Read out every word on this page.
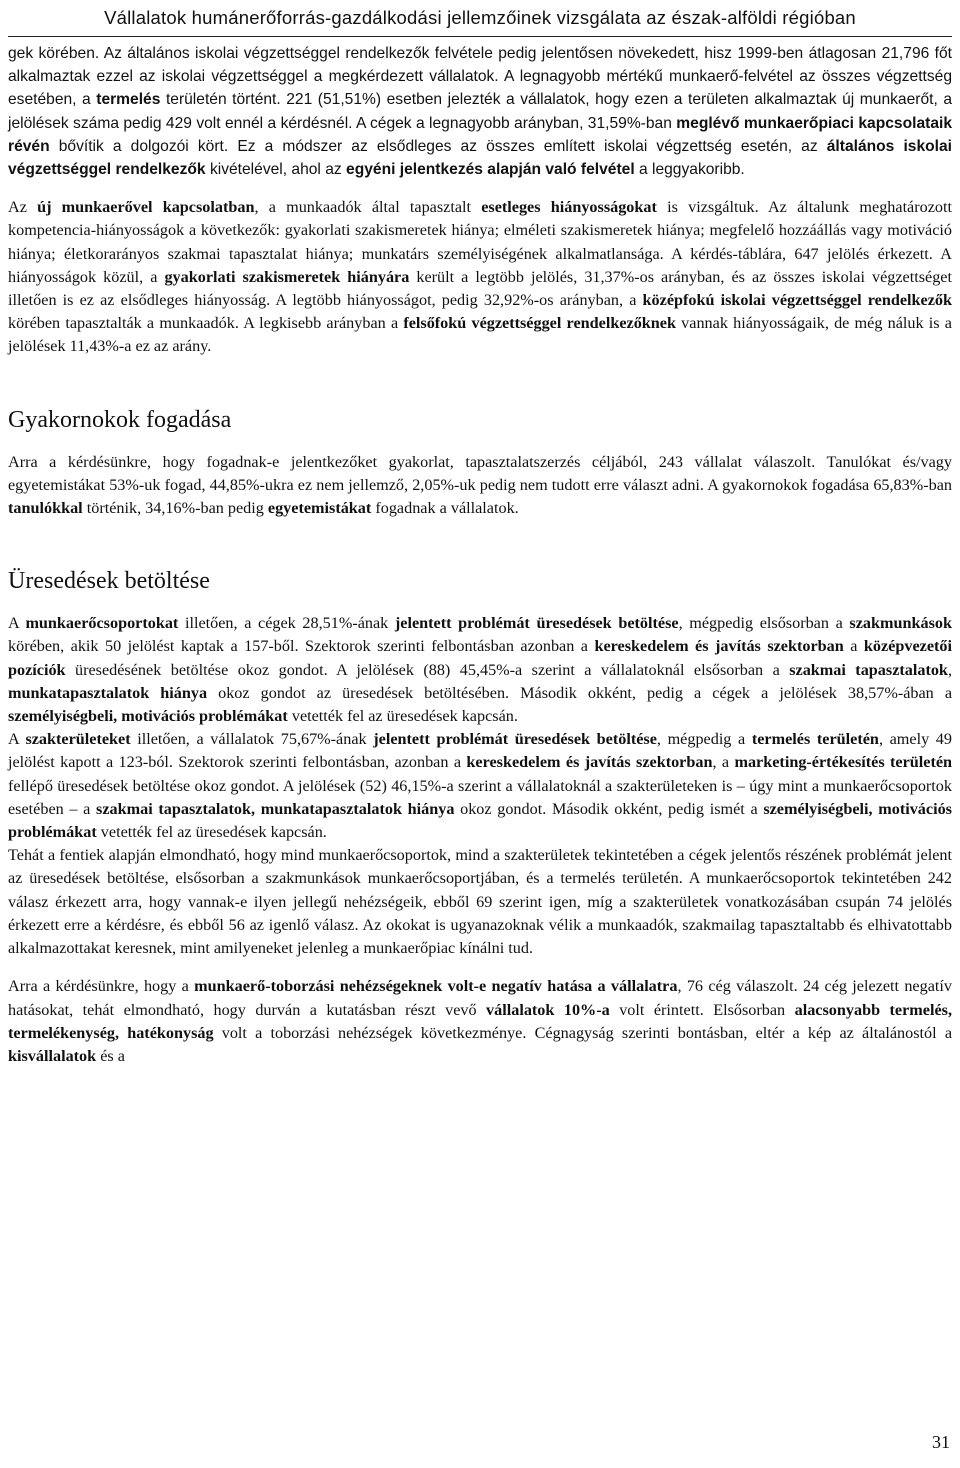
Vállalatok humánerőforrás-gazdálkodási jellemzőinek vizsgálata az észak-alföldi régióban

gek körében. Az általános iskolai végzettséggel rendelkezők felvétele pedig jelentősen növekedett, hisz 1999-ben átlagosan 21,796 főt alkalmaztak ezzel az iskolai végzettséggel a megkérdezett vállalatok. A legnagyobb mértékű munkaerő-felvétel az összes végzettség esetében, a termelés területén történt. 221 (51,51%) esetben jelezték a vállalatok, hogy ezen a területen alkalmaztak új munkaerőt, a jelölések száma pedig 429 volt ennél a kérdésnél. A cégek a legnagyobb arányban, 31,59%-ban meglévő munkaerőpiaci kapcsolataik révén bővítik a dolgozói kört. Ez a módszer az elsődleges az összes említett iskolai végzettség esetén, az általános iskolai végzettséggel rendelkezők kivételével, ahol az egyéni jelentkezés alapján való felvétel a leggyakoribb.

Az új munkaerővel kapcsolatban, a munkaadók által tapasztalt esetleges hiányosságokat is vizsgáltuk. Az általunk meghatározott kompetencia-hiányosságok a következők: gyakorlati szakismeretek hiánya; elméleti szakismeretek hiánya; megfelelő hozzáállás vagy motiváció hiánya; életkorarányos szakmai tapasztalat hiánya; munkatárs személyiségének alkalmatlansága. A kérdés-táblára, 647 jelölés érkezett. A hiányosságok közül, a gyakorlati szakismeretek hiányára került a legtöbb jelölés, 31,37%-os arányban, és az összes iskolai végzettséget illetően is ez az elsődleges hiányosság. A legtöbb hiányosságot, pedig 32,92%-os arányban, a középfokú iskolai végzettséggel rendelkezők körében tapasztalták a munkaadók. A legkisebb arányban a felsőfokú végzettséggel rendelkezőknek vannak hiányosságaik, de még náluk is a jelölések 11,43%-a ez az arány.

Gyakornokok fogadása

Arra a kérdésünkre, hogy fogadnak-e jelentkezőket gyakorlat, tapasztalatszerzés céljából, 243 vállalat válaszolt. Tanulókat és/vagy egyetemistákat 53%-uk fogad, 44,85%-ukra ez nem jellemző, 2,05%-uk pedig nem tudott erre választ adni. A gyakornokok fogadása 65,83%-ban tanulókkal történik, 34,16%-ban pedig egyetemistákat fogadnak a vállalatok.

Üresedések betöltése

A munkaerőcsoportokat illetően, a cégek 28,51%-ának jelentett problémát üresedések betöltése, mégpedig elsősorban a szakmunkások körében, akik 50 jelölést kaptak a 157-ből. Szektorok szerinti felbontásban azonban a kereskedelem és javítás szektorban a középvezetői pozíciók üresedésének betöltése okoz gondot. A jelölések (88) 45,45%-a szerint a vállalatoknál elsősorban a szakmai tapasztalatok, munkatapasztalatok hiánya okoz gondot az üresedések betöltésében. Második okként, pedig a cégek a jelölések 38,57%-ában a személyiségbeli, motivációs problémákat vetették fel az üresedések kapcsán.

A szakterületeket illetően, a vállalatok 75,67%-ának jelentett problémát üresedések betöltése, mégpedig a termelés területén, amely 49 jelölést kapott a 123-ból. Szektorok szerinti felbontásban, azonban a kereskedelem és javítás szektorban, a marketing-értékesítés területén fellépő üresedések betöltése okoz gondot. A jelölések (52) 46,15%-a szerint a vállalatoknál a szakterületeken is – úgy mint a munkaerőcsoportok esetében – a szakmai tapasztalatok, munkatapasztalatok hiánya okoz gondot. Második okként, pedig ismét a személyiségbeli, motivációs problémákat vetették fel az üresedések kapcsán.

Tehát a fentiek alapján elmondható, hogy mind munkaerőcsoportok, mind a szakterületek tekintetében a cégek jelentős részének problémát jelent az üresedések betöltése, elsősorban a szakmunkások munkaerőcsoportjában, és a termelés területén. A munkaerőcsoportok tekintetében 242 válasz érkezett arra, hogy vannak-e ilyen jellegű nehézségeik, ebből 69 szerint igen, míg a szakterületek vonatkozásában csupán 74 jelölés érkezett erre a kérdésre, és ebből 56 az igenlő válasz. Az okokat is ugyanazoknak vélik a munkaadók, szakmailag tapasztaltabb és elhivatottabb alkalmazottakat keresnek, mint amilyeneket jelenleg a munkaerőpiac kínálni tud.

Arra a kérdésünkre, hogy a munkaerő-toborzási nehézségeknek volt-e negatív hatása a vállalatra, 76 cég válaszolt. 24 cég jelezett negatív hatásokat, tehát elmondható, hogy durván a kutatásban részt vevő vállalatok 10%-a volt érintett. Elsősorban alacsonyabb termelés, termelékenység, hatékonyság volt a toborzási nehézségek következménye. Cégnagyság szerinti bontásban, eltér a kép az általánostól a kisvállalatok és a

31
